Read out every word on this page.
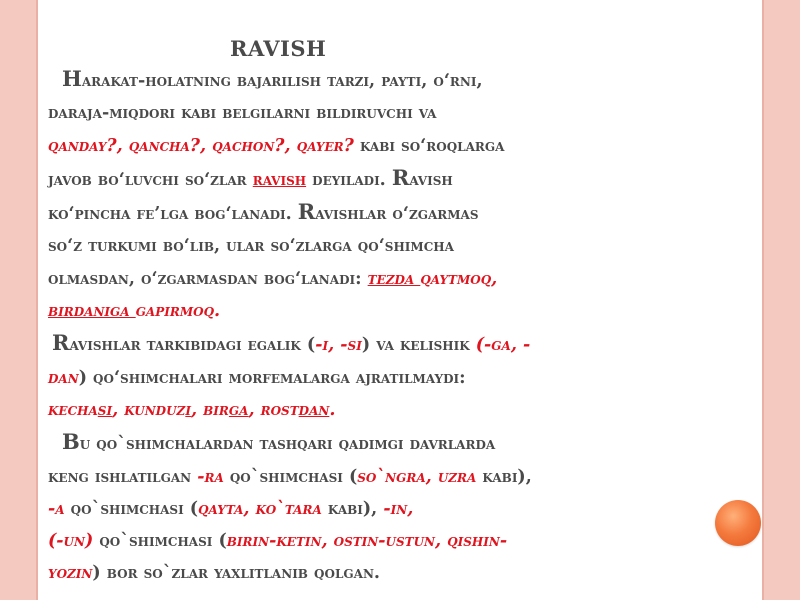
RAVISH
Harakat-holatning bajarilish tarzi, payti, o‘rni,
daraja-miqdori kabi belgilarni bildiruvchi va
qanday?, qancha?, qachon?, qayer? kabi so‘roqlarga
javob bo‘luvchi so‘zlar ravish deyiladi. Ravish
ko‘pincha fe’lga bog‘lanadi. Ravishlar o‘zgarmas
so‘z turkumi bo‘lib, ular so‘zlarga qo‘shimcha
olmasdan, o‘zgarmasdan bog‘lanadi: tezda qaytmoq,
birdaniga gapirmoq.
Ravishlar tarkibidagi egalik (-i, -si) va kelishik (-ga, -
dan) qo‘shimchalari morfemalarga ajratilmaydi:
kechasi, kunduzi, birga, rostdan.
Bu qo`shimchalardan tashqari qadimgi davrlarda
keng ishlatilgan -ra qo`shimchasi (so`ngra, uzra kabi),
-a qo`shimchasi (qayta, ko`tara kabi), -in,
(-un) qo`shimchasi (birin-ketin, ostin-ustun, qishin-
yozin) bor so`zlar yaxlitlanib qolgan.
